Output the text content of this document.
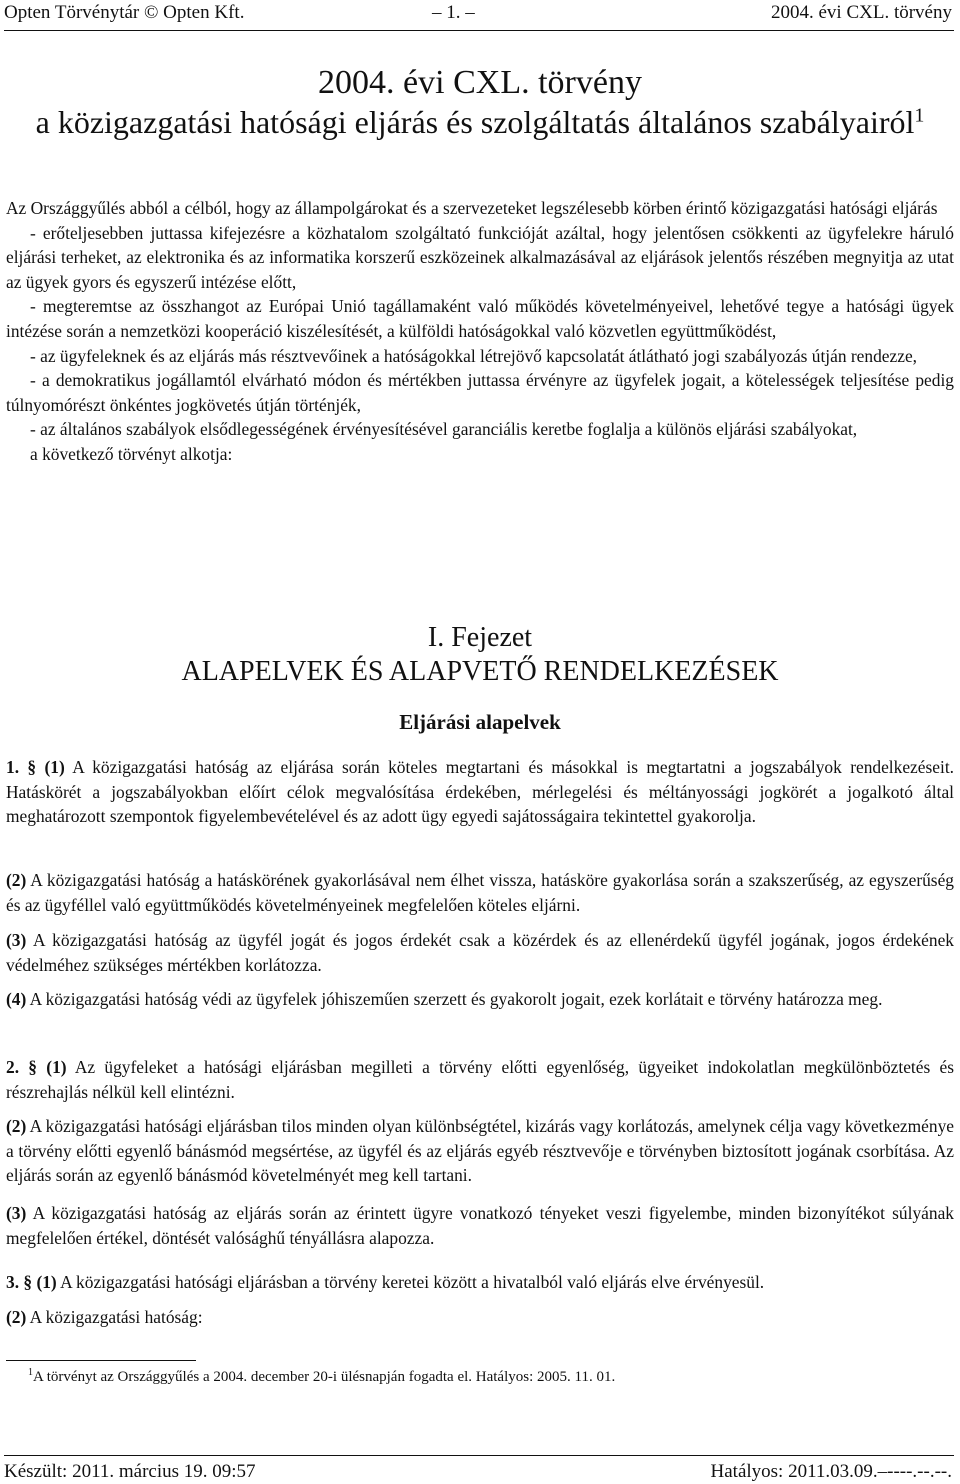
Opten Törvénytár © Opten Kft.	– 1. –	2004. évi CXL. törvény
2004. évi CXL. törvény
a közigazgatási hatósági eljárás és szolgáltatás általános szabályairól$^1$
Az Országgyűlés abból a célból, hogy az állampolgárokat és a szervezeteket legszélesebb körben érintő közigazgatási hatósági eljárás
- erőteljesebben juttassa kifejezésre a közhatalom szolgáltató funkcióját azáltal, hogy jelentősen csökkenti az ügyfelekre háruló eljárási terheket, az elektronika és az informatika korszerű eszközeinek alkalmazásával az eljárások jelentős részében megnyitja az utat az ügyek gyors és egyszerű intézése előtt,
- megteremtse az összhangot az Európai Unió tagállamaként való működés követelményeivel, lehetővé tegye a hatósági ügyek intézése során a nemzetközi kooperáció kiszélesítését, a külföldi hatóságokkal való közvetlen együttműködést,
- az ügyfeleknek és az eljárás más résztvevőinek a hatóságokkal létrejövő kapcsolatát átlátható jogi szabályozás útján rendezze,
- a demokratikus jogállamtól elvárható módon és mértékben juttassa érvényre az ügyfelek jogait, a kötelességek teljesítése pedig túlnyomórészt önkéntes jogkövetés útján történjék,
- az általános szabályok elsődlegességének érvényesítésével garanciális keretbe foglalja a különös eljárási szabályokat,
a következő törvényt alkotja:
I. Fejezet
ALAPELVEK ÉS ALAPVETŐ RENDELKEZÉSEK
Eljárási alapelvek
1. § (1) A közigazgatási hatóság az eljárása során köteles megtartani és másokkal is megtartatni a jogszabályok rendelkezéseit. Hatáskörét a jogszabályokban előírt célok megvalósítása érdekében, mérlegelési és méltányossági jogkörét a jogalkotó által meghatározott szempontok figyelembevételével és az adott ügy egyedi sajátosságaira tekintettel gyakorolja.
(2) A közigazgatási hatóság a hatáskörének gyakorlásával nem élhet vissza, hatásköre gyakorlása során a szakszerűség, az egyszerűség és az ügyféllel való együttműködés követelményeinek megfelelően köteles eljárni.
(3) A közigazgatási hatóság az ügyfél jogát és jogos érdekét csak a közérdek és az ellenérdekű ügyfél jogának, jogos érdekének védelméhez szükséges mértékben korlátozza.
(4) A közigazgatási hatóság védi az ügyfelek jóhiszeműen szerzett és gyakorolt jogait, ezek korlátait e törvény határozza meg.
2. § (1) Az ügyfeleket a hatósági eljárásban megilleti a törvény előtti egyenlőség, ügyeiket indokolatlan megkülönböztetés és részrehajlás nélkül kell elintézni.
(2) A közigazgatási hatósági eljárásban tilos minden olyan különbségtétel, kizárás vagy korlátozás, amelynek célja vagy következménye a törvény előtti egyenlő bánásmód megsértése, az ügyfél és az eljárás egyéb résztvevője e törvényben biztosított jogának csorbítása. Az eljárás során az egyenlő bánásmód követelményét meg kell tartani.
(3) A közigazgatási hatóság az eljárás során az érintett ügyre vonatkozó tényeket veszi figyelembe, minden bizonyítékot súlyának megfelelően értékel, döntését valósághű tényállásra alapozza.
3. § (1) A közigazgatási hatósági eljárásban a törvény keretei között a hivatalból való eljárás elve érvényesül.
(2) A közigazgatási hatóság:
$^1$A törvényt az Országgyűlés a 2004. december 20-i ülésnapján fogadta el. Hatályos: 2005. 11. 01.
Készült: 2011. március 19. 09:57	Hatályos: 2011.03.09.–----.--.--.
